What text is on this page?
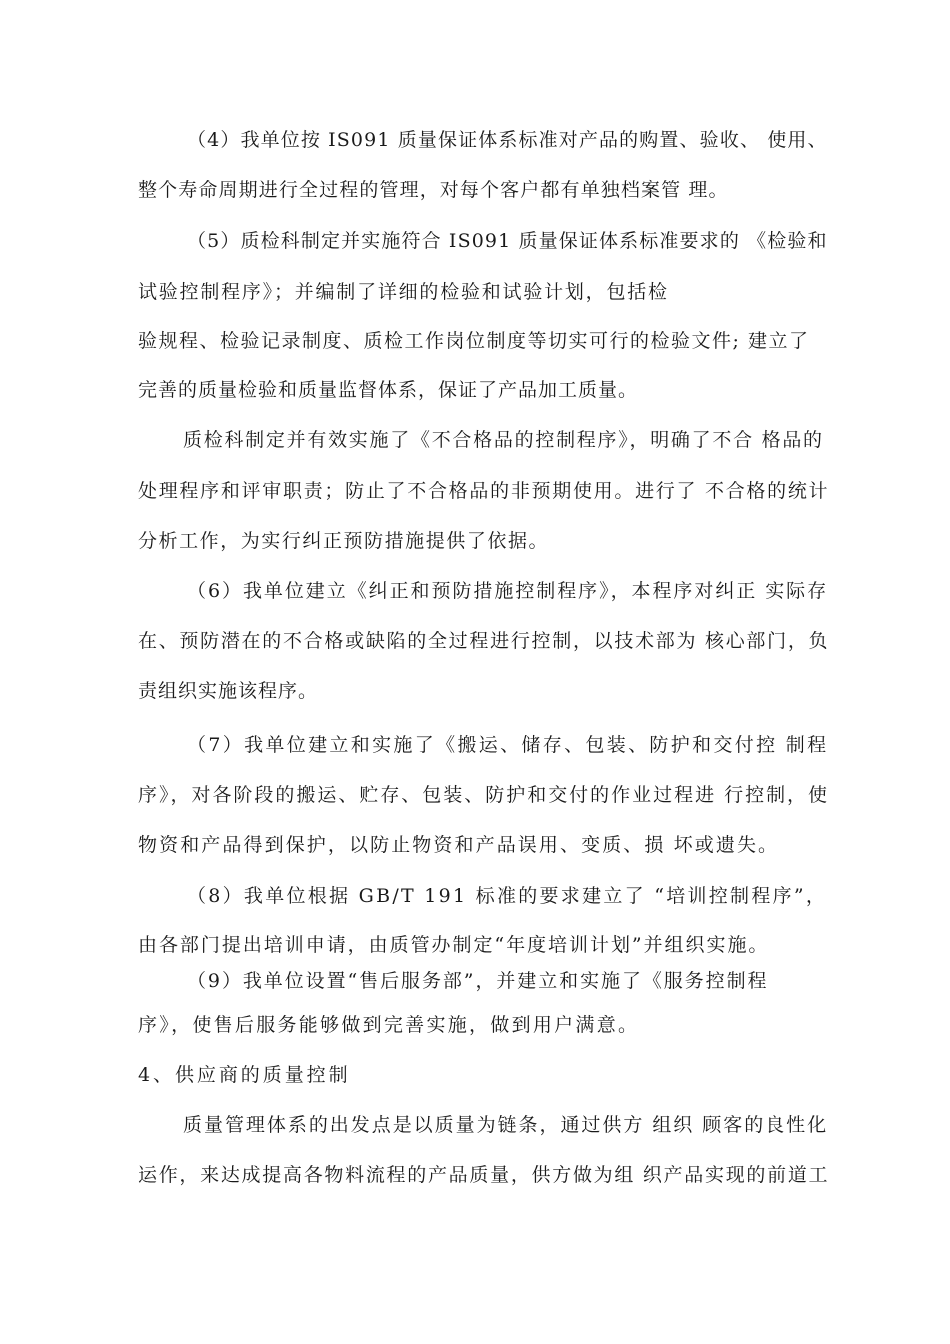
（4）我单位按 IS091 质量保证体系标准对产品的购置、验收、 使用、
整个寿命周期进行全过程的管理，对每个客户都有单独档案管 理。
（5）质检科制定并实施符合 IS091 质量保证体系标准要求的 《检验和
试验控制程序》；并编制了详细的检验和试验计划，包括检
验规程、检验记录制度、质检工作岗位制度等切实可行的检验文件; 建立了
完善的质量检验和质量监督体系，保证了产品加工质量。
质检科制定并有效实施了《不合格品的控制程序》，明确了不合 格品的
处理程序和评审职责；防止了不合格品的非预期使用。进行了 不合格的统计
分析工作，为实行纠正预防措施提供了依据。
（6）我单位建立《纠正和预防措施控制程序》，本程序对纠正 实际存
在、预防潜在的不合格或缺陷的全过程进行控制，以技术部为 核心部门，负
责组织实施该程序。
（7）我单位建立和实施了《搬运、储存、包装、防护和交付控 制程
序》，对各阶段的搬运、贮存、包装、防护和交付的作业过程进 行控制，使
物资和产品得到保护，以防止物资和产品误用、变质、损 坏或遗失。
（8）我单位根据 GB/T 191 标准的要求建立了 “培训控制程序”，
由各部门提出培训申请，由质管办制定“年度培训计划”并组织实施。
（9）我单位设置“售后服务部”，并建立和实施了《服务控制程
序》，使售后服务能够做到完善实施，做到用户满意。
4、供应商的质量控制
质量管理体系的出发点是以质量为链条，通过供方 组织 顾客的良性化
运作，来达成提高各物料流程的产品质量，供方做为组 织产品实现的前道工
